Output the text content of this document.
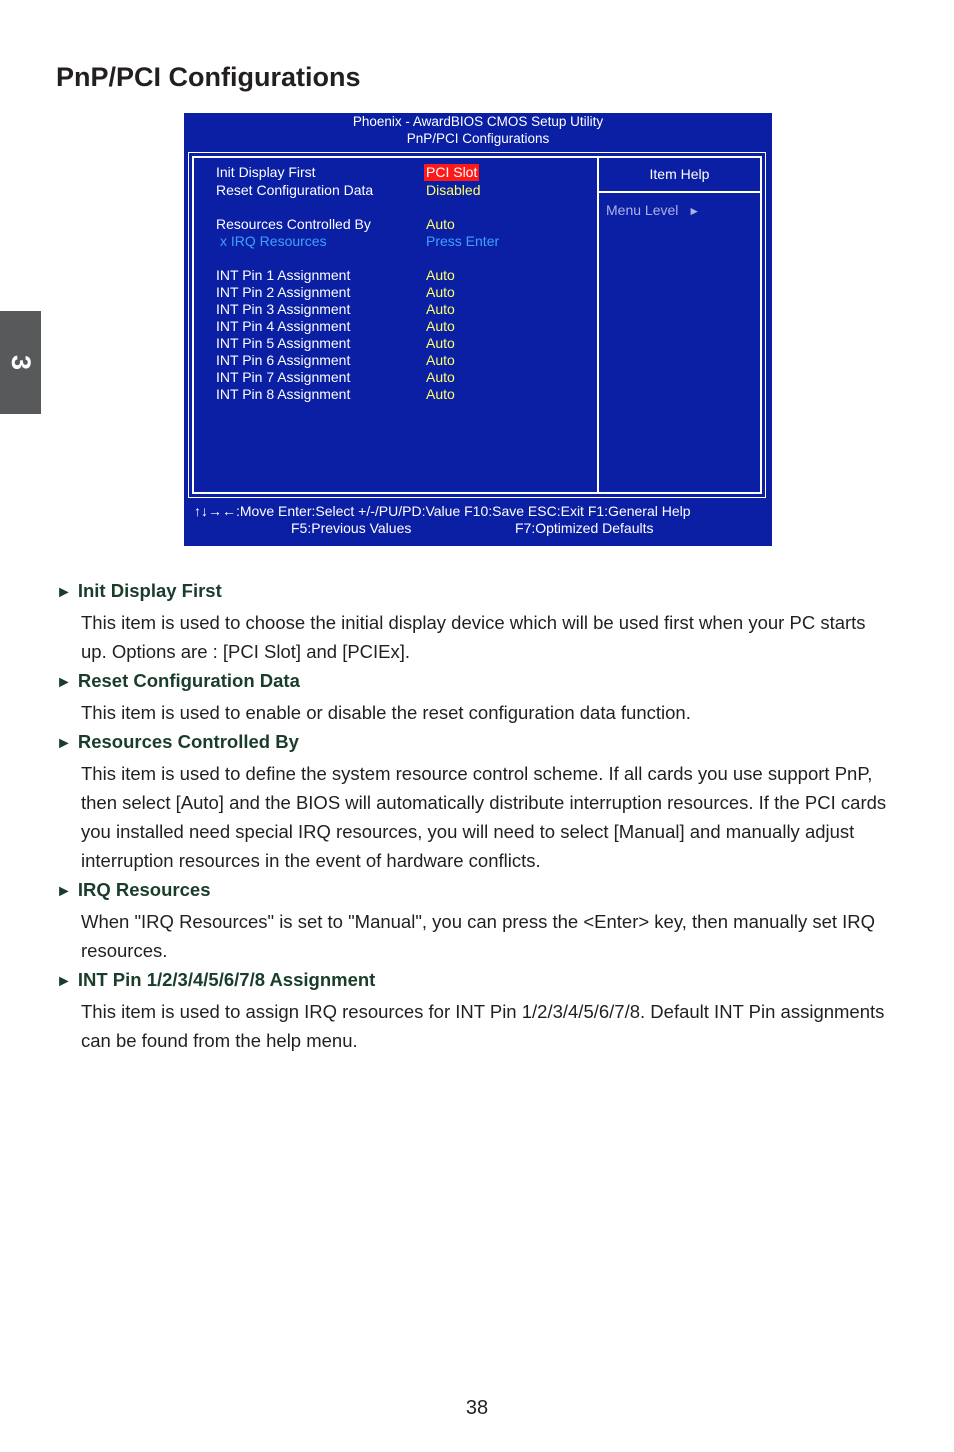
PnP/PCI Configurations
3
Phoenix - AwardBIOS CMOS Setup Utility
PnP/PCI Configurations
Init Display First	PCI Slot
Reset Configuration Data	Disabled
Resources Controlled By	Auto
x IRQ Resources	Press Enter
INT Pin 1 Assignment	Auto
INT Pin 2 Assignment	Auto
INT Pin 3 Assignment	Auto
INT Pin 4 Assignment	Auto
INT Pin 5 Assignment	Auto
INT Pin 6 Assignment	Auto
INT Pin 7 Assignment	Auto
INT Pin 8 Assignment	Auto
Item Help
Menu Level ►
↑↓→←:Move Enter:Select +/-/PU/PD:Value F10:Save ESC:Exit F1:General Help
F5:Previous Values	F7:Optimized Defaults

► Init Display First

This item is used to choose the initial display device which will be used first when your PC starts up. Options are : [PCI Slot] and [PCIEx].

► Reset Configuration Data

This item is used to enable or disable the reset configuration data function.

► Resources Controlled By

This item is used to define the system resource control scheme. If all cards you use support PnP, then select [Auto] and the BIOS will automatically distribute interruption resources. If the PCI cards you installed need special IRQ resources, you will need to select [Manual] and manually adjust interruption resources in the event of hardware conflicts.

► IRQ Resources

When "IRQ Resources" is set to "Manual", you can press the <Enter> key, then manually set IRQ resources.

► INT Pin 1/2/3/4/5/6/7/8 Assignment

This item is used to assign IRQ resources for INT Pin 1/2/3/4/5/6/7/8. Default INT Pin assignments can be found from the help menu.

38
